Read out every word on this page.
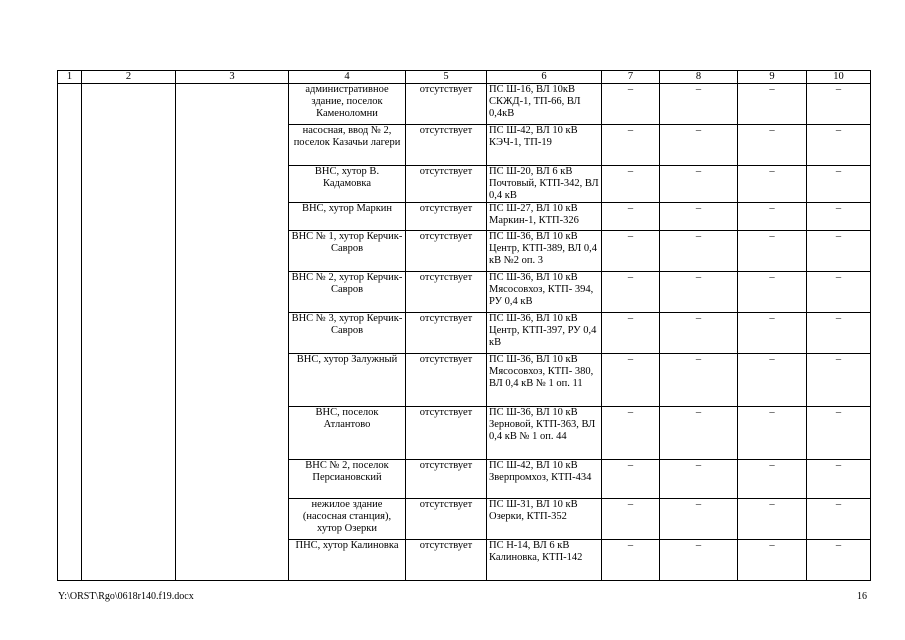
1	2	3	4	5	6	7	8	9	10
			административное здание, поселок Каменоломни	отсутствует	ПС Ш-16, ВЛ 10кВ СКЖД-1, ТП-66, ВЛ 0,4кВ	–	–	–	–
			насосная, ввод № 2, поселок Казачьи лагери	отсутствует	ПС Ш-42, ВЛ 10 кВ КЭЧ-1, ТП-19	–	–	–	–
			ВНС, хутор В. Кадамовка	отсутствует	ПС Ш-20, ВЛ 6 кВ Почтовый, КТП-342, ВЛ 0,4 кВ	–	–	–	–
			ВНС, хутор Маркин	отсутствует	ПС Ш-27, ВЛ 10 кВ Маркин-1, КТП-326	–	–	–	–
			ВНС № 1, хутор Керчик-Савров	отсутствует	ПС Ш-36, ВЛ 10 кВ Центр, КТП-389, ВЛ 0,4 кВ №2 оп. 3	–	–	–	–
			ВНС № 2, хутор Керчик-Савров	отсутствует	ПС Ш-36, ВЛ 10 кВ Мясосовхоз, КТП- 394, РУ 0,4 кВ	–	–	–	–
			ВНС № 3, хутор Керчик-Савров	отсутствует	ПС Ш-36, ВЛ 10 кВ Центр, КТП-397, РУ 0,4 кВ	–	–	–	–
			ВНС, хутор Залужный	отсутствует	ПС Ш-36, ВЛ 10 кВ Мясосовхоз, КТП- 380, ВЛ 0,4 кВ № 1 оп. 11	–	–	–	–
			ВНС, поселок Атлантово	отсутствует	ПС Ш-36, ВЛ 10 кВ Зерновой, КТП-363, ВЛ 0,4 кВ № 1 оп. 44	–	–	–	–
			ВНС № 2, поселок Персиановский	отсутствует	ПС Ш-42, ВЛ 10 кВ Зверпромхоз, КТП-434	–	–	–	–
			нежилое здание (насосная станция), хутор Озерки	отсутствует	ПС Ш-31, ВЛ 10 кВ Озерки, КТП-352	–	–	–	–
			ПНС, хутор Калиновка	отсутствует	ПС Н-14, ВЛ 6 кВ Калиновка, КТП-142	–	–	–	–
Y:\ORST\Rgo\0618r140.f19.docx	16
